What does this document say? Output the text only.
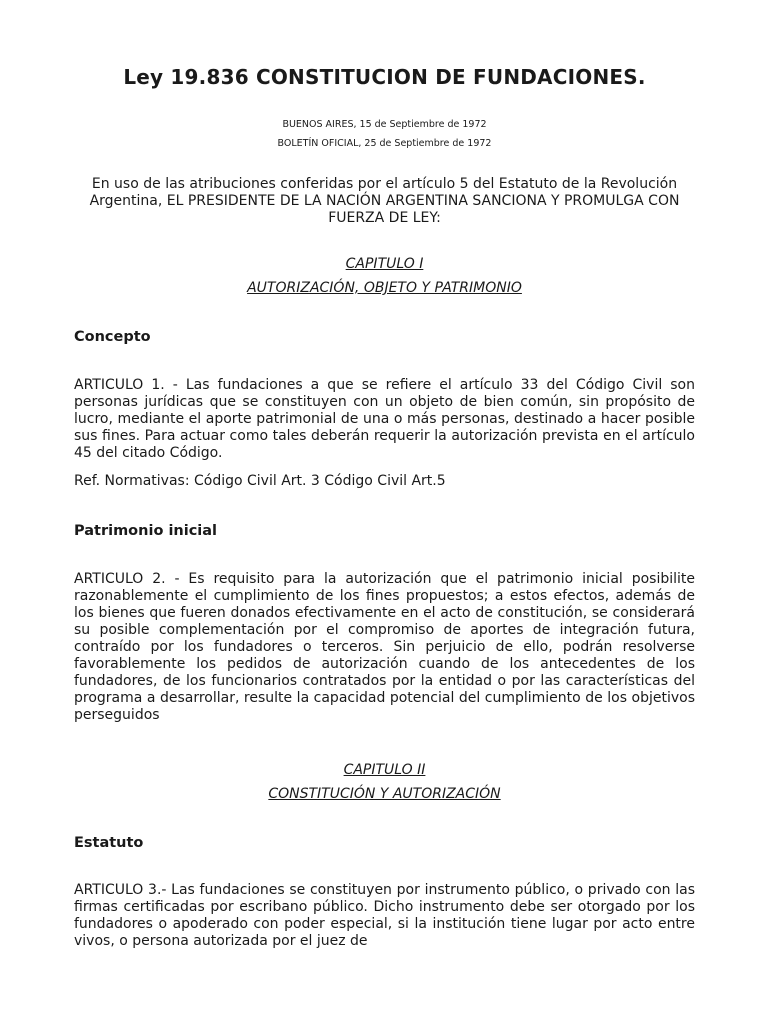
Ley 19.836 CONSTITUCION DE FUNDACIONES.

BUENOS AIRES, 15 de Septiembre de 1972

BOLETÍN OFICIAL, 25 de Septiembre de 1972

En uso de las atribuciones conferidas por el artículo 5 del Estatuto de la Revolución Argentina, EL PRESIDENTE DE LA NACIÓN ARGENTINA SANCIONA Y PROMULGA CON FUERZA DE LEY:

CAPITULO I

AUTORIZACIÓN, OBJETO Y PATRIMONIO

Concepto

ARTICULO 1. - Las fundaciones a que se refiere el artículo 33 del Código Civil son personas jurídicas que se constituyen con un objeto de bien común, sin propósito de lucro, mediante el aporte patrimonial de una o más personas, destinado a hacer posible sus fines. Para actuar como tales deberán requerir la autorización prevista en el artículo 45 del citado Código.

Ref. Normativas: Código Civil Art. 3 Código Civil Art.5

Patrimonio inicial

ARTICULO 2. - Es requisito para la autorización que el patrimonio inicial posibilite razonablemente el cumplimiento de los fines propuestos; a estos efectos, además de los bienes que fueren donados efectivamente en el acto de constitución, se considerará su posible complementación por el compromiso de aportes de integración futura, contraído por los fundadores o terceros. Sin perjuicio de ello, podrán resolverse favorablemente los pedidos de autorización cuando de los antecedentes de los fundadores, de los funcionarios contratados por la entidad o por las características del programa a desarrollar, resulte la capacidad potencial del cumplimiento de los objetivos perseguidos

CAPITULO II

CONSTITUCIÓN Y AUTORIZACIÓN

Estatuto

ARTICULO 3.- Las fundaciones se constituyen por instrumento público, o privado con las firmas certificadas por escribano público. Dicho instrumento debe ser otorgado por los fundadores o apoderado con poder especial, si la institución tiene lugar por acto entre vivos, o persona autorizada por el juez de
